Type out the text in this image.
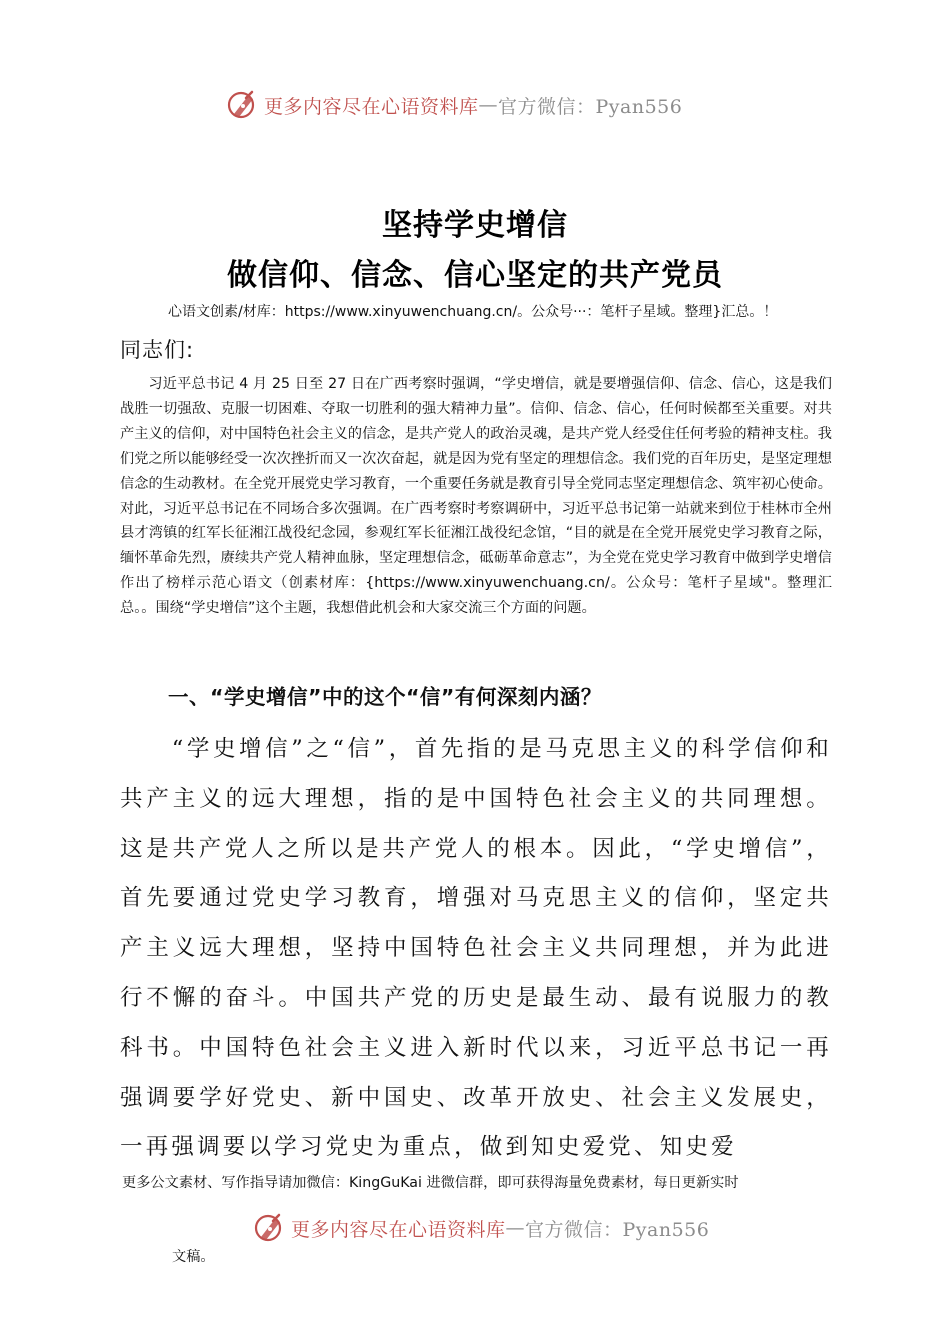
更多内容尽在心语资料库 — 官方微信：Pyan556
坚持学史增信
做信仰、信念、信心坚定的共产党员
心语文创素/材库：https://www.xinyuwenchuang.cn/。公众号···：笔杆子星域。整理}汇总。！
同志们:

习近平总书记 4 月 25 日至 27 日在广西考察时强调，“学史增信，就是要增强信仰、信念、信心，这是我们战胜一切强敌、克服一切困难、夺取一切胜利的强大精神力量”。信仰、信念、信心，任何时候都至关重要。对共产主义的信仰，对中国特色社会主义的信念，是共产党人的政治灵魂，是共产党人经受住任何考验的精神支柱。我们党之所以能够经受一次次挫折而又一次次奋起，就是因为党有坚定的理想信念。我们党的百年历史，是坚定理想信念的生动教材。在全党开展党史学习教育，一个重要任务就是教育引导全党同志坚定理想信念、筑牢初心使命。对此，习近平总书记在不同场合多次强调。在广西考察时考察调研中，习近平总书记第一站就来到位于桂林市全州县才湾镇的红军长征湘江战役纪念园，参观红军长征湘江战役纪念馆，“目的就是在全党开展党史学习教育之际，缅怀革命先烈，赓续共产党人精神血脉，坚定理想信念，砥砺革命意志”，为全党在党史学习教育中做到学史增信作出了榜样示范心语文（创素材库：{https://www.xinyuwenchuang.cn/。公众号：笔杆子星域"。整理汇总。。围绕“学史增信”这个主题，我想借此机会和大家交流三个方面的问题。

一、“学史增信”中的这个“信”有何深刻内涵？

“学史增信”之“信”，首先指的是马克思主义的科学信仰和共产主义的远大理想，指的是中国特色社会主义的共同理想。这是共产党人之所以是共产党人的根本。因此，“学史增信”，首先要通过党史学习教育，增强对马克思主义的信仰，坚定共产主义远大理想，坚持中国特色社会主义共同理想，并为此进行不懈的奋斗。中国共产党的历史是最生动、最有说服力的教科书。中国特色社会主义进入新时代以来，习近平总书记一再强调要学好党史、新中国史、改革开放史、社会主义发展史，一再强调要以学习党史为重点，做到知史爱党、知史爱

更多公文素材、写作指导请加微信：KingGuKai 进微信群，即可获得海量免费素材，每日更新实时
更多内容尽在心语资料库 — 官方微信：Pyan556
文稿。
